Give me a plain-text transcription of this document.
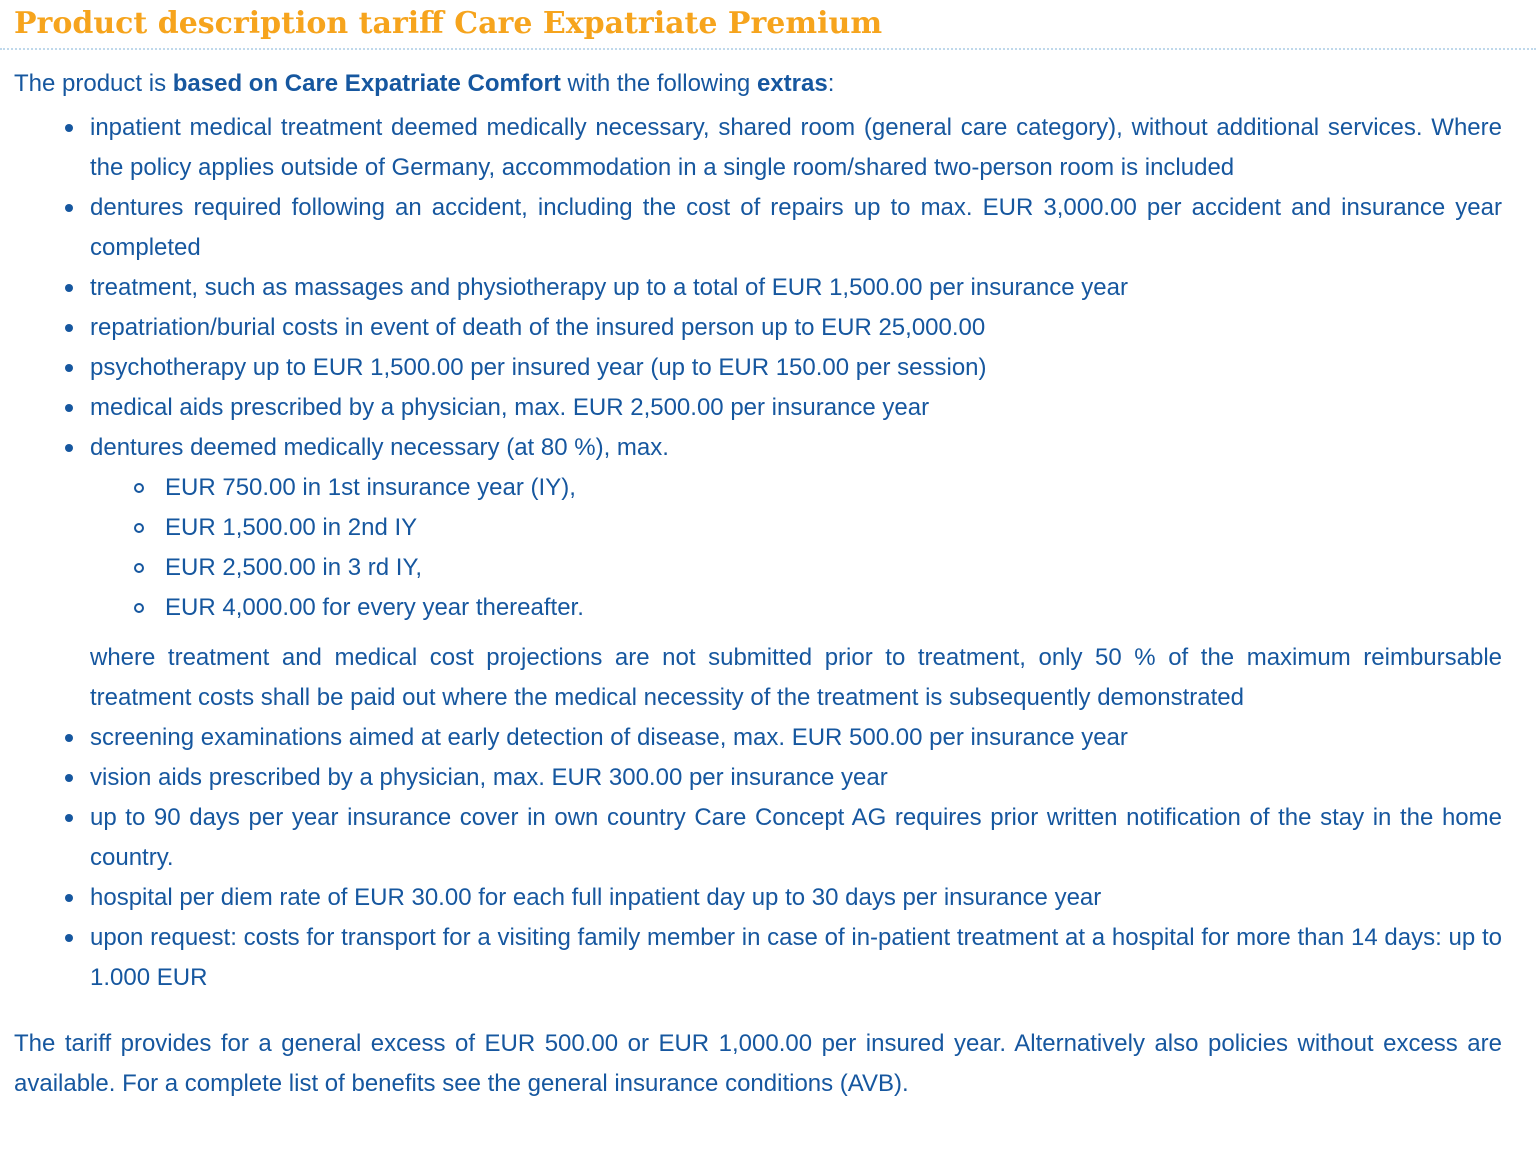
Product description tariff Care Expatriate Premium

The product is based on Care Expatriate Comfort with the following extras:

inpatient medical treatment deemed medically necessary, shared room (general care category), without additional services. Where the policy applies outside of Germany, accommodation in a single room/shared two-person room is included
dentures required following an accident, including the cost of repairs up to max. EUR 3,000.00 per accident and insurance year completed
treatment, such as massages and physiotherapy up to a total of EUR 1,500.00 per insurance year
repatriation/burial costs in event of death of the insured person up to EUR 25,000.00
psychotherapy up to EUR 1,500.00 per insured year (up to EUR 150.00 per session)
medical aids prescribed by a physician, max. EUR 2,500.00 per insurance year
dentures deemed medically necessary (at 80 %), max.
EUR 750.00 in 1st insurance year (IY),
EUR 1,500.00 in 2nd IY
EUR 2,500.00 in 3 rd IY,
EUR 4,000.00 for every year thereafter.

where treatment and medical cost projections are not submitted prior to treatment, only 50 % of the maximum reimbursable treatment costs shall be paid out where the medical necessity of the treatment is subsequently demonstrated

screening examinations aimed at early detection of disease, max. EUR 500.00 per insurance year
vision aids prescribed by a physician, max. EUR 300.00 per insurance year
up to 90 days per year insurance cover in own country Care Concept AG requires prior written notification of the stay in the home country.
hospital per diem rate of EUR 30.00 for each full inpatient day up to 30 days per insurance year
upon request: costs for transport for a visiting family member in case of in-patient treatment at a hospital for more than 14 days: up to 1.000 EUR

The tariff provides for a general excess of EUR 500.00 or EUR 1,000.00 per insured year. Alternatively also policies without excess are available. For a complete list of benefits see the general insurance conditions (AVB).
